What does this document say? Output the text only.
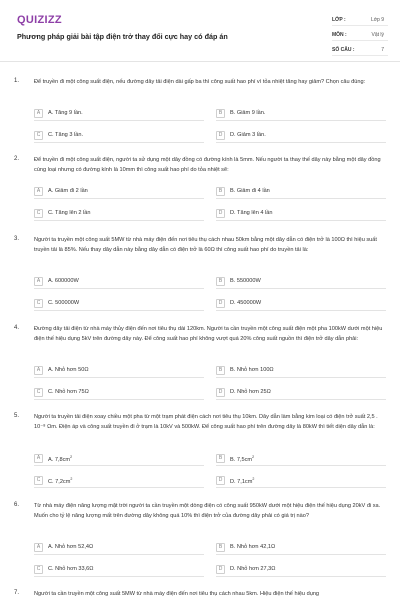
QUIZIZZ
Phương pháp giải bài tập điện trở thay đổi cực hay có đáp án
LỚP :	Lớp 9
MÔN :	Vật lý
SỐ CÂU :	7
1.	Để truyền đi một công suất điện, nếu đường dây tải điện dài gấp ba thì công suất hao phí vì tỏa nhiệt tăng hay giảm? Chọn câu đúng:
A	A. Tăng 9 lần.	B	B. Giảm 9 lần.
C	C. Tăng 3 lần.	D	D. Giảm 3 lần.
2.	Để truyền đi một công suất điện, người ta sử dụng một dây đồng có đường kính là 5mm. Nếu người ta thay thế dây này bằng một dây đồng cùng loại nhưng có đường kính là 10mm thì công suất hao phí do tỏa nhiệt sẽ:
A	A. Giảm đi 2 lần	B	B. Giảm đi 4 lần
C	C. Tăng lên 2 lần	D	D. Tăng lên 4 lần
3.	Người ta truyền một công suất 5MW từ nhà máy điện đến nơi tiêu thụ cách nhau 50km bằng một dây dẫn có điện trở là 100Ω thì hiệu suất truyền tải là 85%. Nếu thay dây dẫn này bằng dây dẫn có điện trở là 60Ω thì công suất hao phí do truyền tải là:
A	A. 600000W	B	B. 550000W
C	C. 500000W	D	D. 450000W
4.	Đường dây tải điện từ nhà máy thủy điện đến nơi tiêu thụ dài 120km. Người ta cần truyền một công suất điện một pha 100kW dưới một hiệu điện thế hiệu dụng 5kV trên đường dây này. Để công suất hao phí không vượt quá 20% công suất nguồn thì điện trở dây dẫn phải:
A	A. Nhỏ hơn 50Ω	B	B. Nhỏ hơn 100Ω
C	C. Nhỏ hơn 75Ω	D	D. Nhỏ hơn 25Ω
5.	Người ta truyền tải điện xoay chiều một pha từ một trạm phát điện cách nơi tiêu thụ 10km. Dây dẫn làm bằng kim loại có điện trở suất 2,5 . 10⁻⁸ Ωm. Điện áp và công suất truyền đi ở trạm là 10kV và 500kW. Để công suất hao phí trên đường dây là 80kW thì tiết diện dây dẫn là:
A	A. $7,8cm^2$	B	B. $7,5cm^2$
C	C. $7,2cm^2$	D	D. $7,1cm^2$
6.	Từ nhà máy điện năng lượng mặt trời người ta cần truyền một dòng điện có công suất 950kW dưới một hiệu điện thế hiệu dụng 20kV đi xa. Muốn cho tỷ lệ năng lượng mất trên đường dây không quá 10% thì điện trở của đường dây phải có giá trị nào?
A	A. Nhỏ hơn 52,4Ω	B	B. Nhỏ hơn 42,1Ω
C	C. Nhỏ hơn 33,6Ω	D	D. Nhỏ hơn 27,3Ω
7.	Người ta cần truyền một công suất 5MW từ nhà máy điện đến nơi tiêu thụ cách nhau 5km. Hiệu điện thế hiệu dụng
